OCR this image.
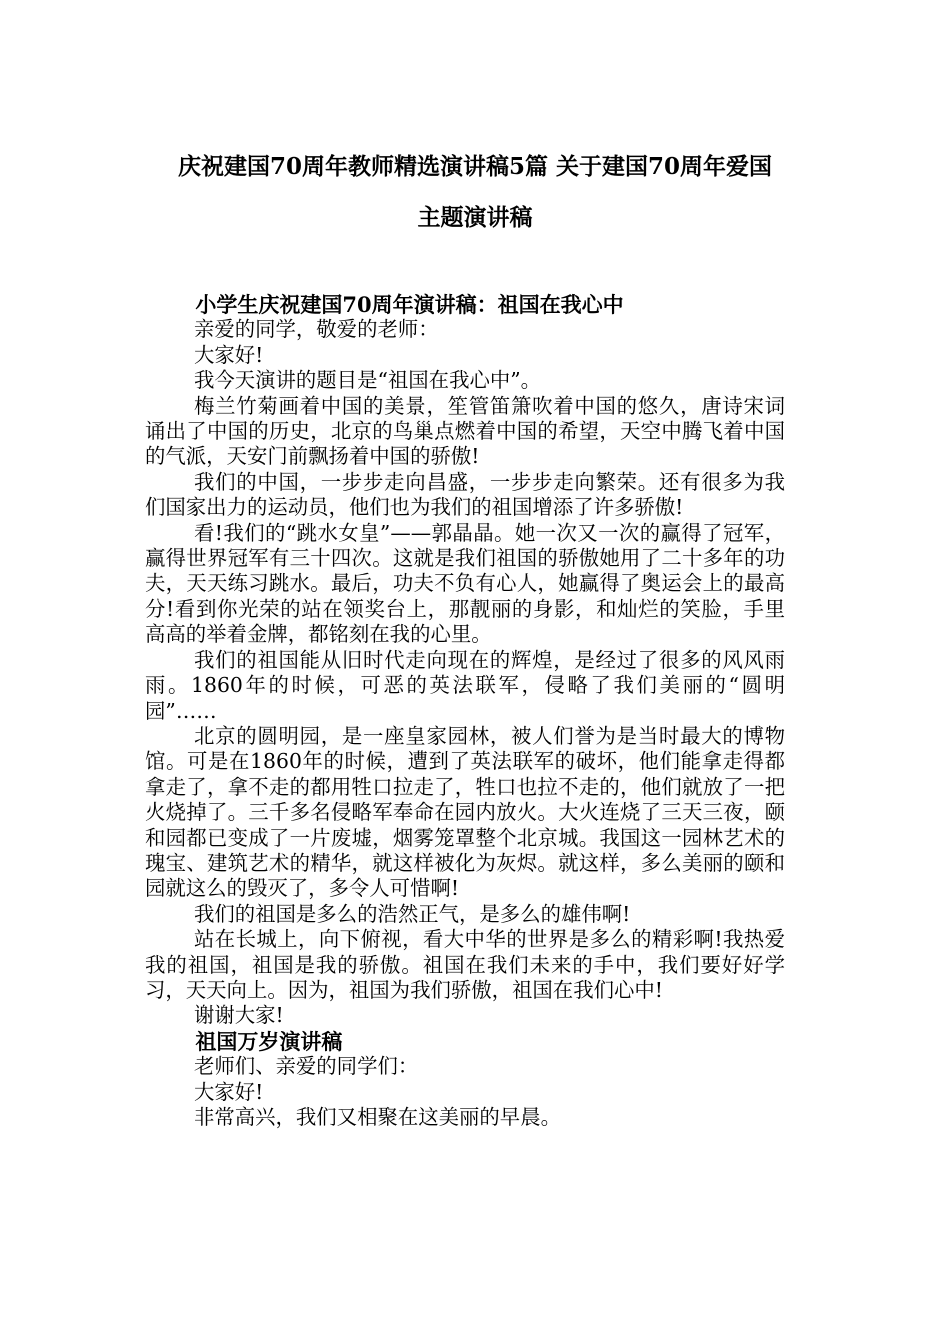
庆祝建国70周年教师精选演讲稿5篇 关于建国70周年爱国
主题演讲稿

小学生庆祝建国70周年演讲稿：祖国在我心中

亲爱的同学，敬爱的老师：

大家好!

我今天演讲的题目是“祖国在我心中”。

梅兰竹菊画着中国的美景，笙管笛箫吹着中国的悠久，唐诗宋词诵出了中国的历史，北京的鸟巢点燃着中国的希望，天空中腾飞着中国的气派，天安门前飘扬着中国的骄傲!

我们的中国，一步步走向昌盛，一步步走向繁荣。还有很多为我们国家出力的运动员，他们也为我们的祖国增添了许多骄傲!

看!我们的“跳水女皇”——郭晶晶。她一次又一次的赢得了冠军，赢得世界冠军有三十四次。这就是我们祖国的骄傲她用了二十多年的功夫，天天练习跳水。最后，功夫不负有心人，她赢得了奥运会上的最高分!看到你光荣的站在领奖台上，那靓丽的身影，和灿烂的笑脸，手里高高的举着金牌，都铭刻在我的心里。

我们的祖国能从旧时代走向现在的辉煌，是经过了很多的风风雨雨。1860年的时候，可恶的英法联军，侵略了我们美丽的“圆明园”……

北京的圆明园，是一座皇家园林，被人们誉为是当时最大的博物馆。可是在1860年的时候，遭到了英法联军的破坏，他们能拿走得都拿走了，拿不走的都用牲口拉走了，牲口也拉不走的，他们就放了一把火烧掉了。三千多名侵略军奉命在园内放火。大火连烧了三天三夜，颐和园都已变成了一片废墟，烟雾笼罩整个北京城。我国这一园林艺术的瑰宝、建筑艺术的精华，就这样被化为灰烬。就这样，多么美丽的颐和园就这么的毁灭了，多令人可惜啊!

我们的祖国是多么的浩然正气，是多么的雄伟啊!

站在长城上，向下俯视，看大中华的世界是多么的精彩啊!我热爱我的祖国，祖国是我的骄傲。祖国在我们未来的手中，我们要好好学习，天天向上。因为，祖国为我们骄傲，祖国在我们心中!

谢谢大家!

祖国万岁演讲稿

老师们、亲爱的同学们：

大家好!

非常高兴，我们又相聚在这美丽的早晨。
